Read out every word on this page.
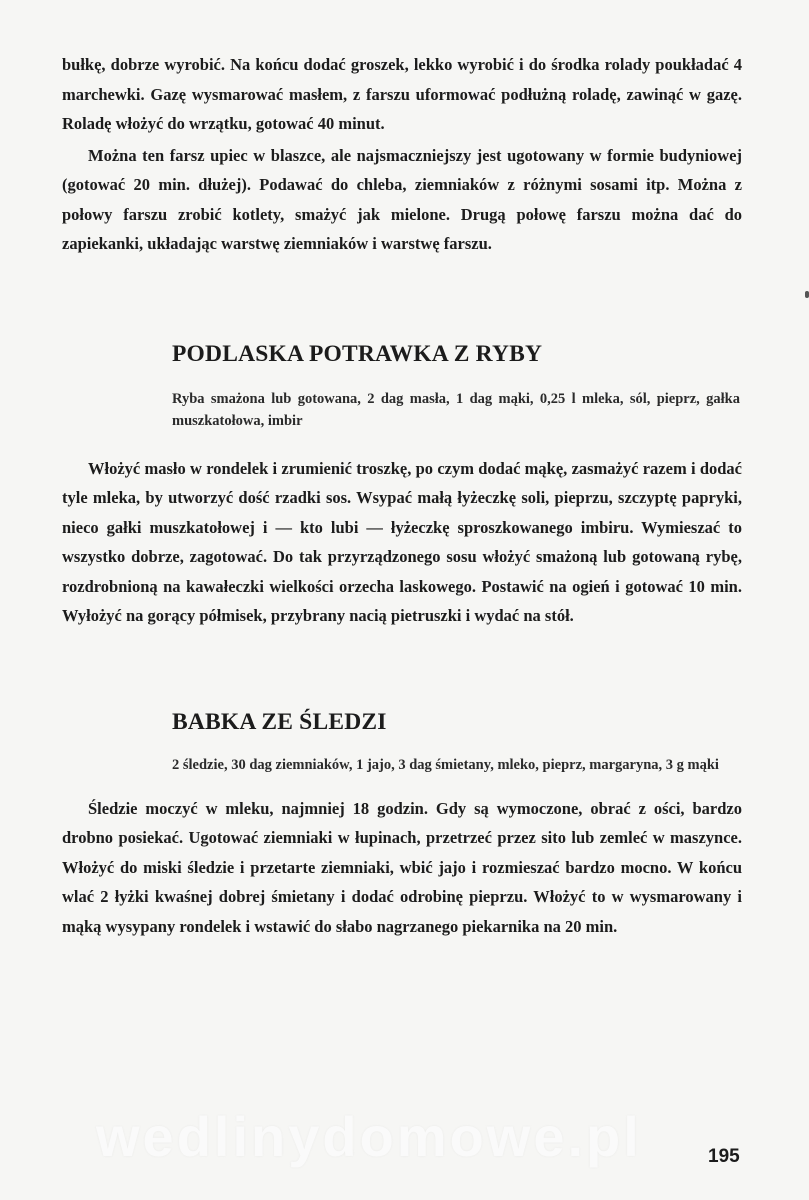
bułkę, dobrze wyrobić. Na końcu dodać groszek, lekko wyrobić i do środka rolady poukładać 4 marchewki. Gazę wysmarować masłem, z farszu uformować podłużną roladę, zawinąć w gazę. Roladę włożyć do wrzątku, gotować 40 minut.

Można ten farsz upiec w blaszce, ale najsmaczniejszy jest ugotowany w formie budyniowej (gotować 20 min. dłużej). Podawać do chleba, ziemniaków z różnymi sosami itp. Można z połowy farszu zrobić kotlety, smażyć jak mielone. Drugą połowę farszu można dać do zapiekanki, układając warstwę ziemniaków i warstwę farszu.

PODLASKA POTRAWKA Z RYBY

Ryba smażona lub gotowana, 2 dag masła, 1 dag mąki, 0,25 l mleka, sól, pieprz, gałka muszkatołowa, imbir

Włożyć masło w rondelek i zrumienić troszkę, po czym dodać mąkę, zasmażyć razem i dodać tyle mleka, by utworzyć dość rzadki sos. Wsypać małą łyżeczkę soli, pieprzu, szczyptę papryki, nieco gałki muszkatołowej i — kto lubi — łyżeczkę sproszkowanego imbiru. Wymieszać to wszystko dobrze, zagotować. Do tak przyrządzonego sosu włożyć smażoną lub gotowaną rybę, rozdrobnioną na kawałeczki wielkości orzecha laskowego. Postawić na ogień i gotować 10 min. Wyłożyć na gorący półmisek, przybrany nacią pietruszki i wydać na stół.

BABKA ZE ŚLEDZI

2 śledzie, 30 dag ziemniaków, 1 jajo, 3 dag śmietany, mleko, pieprz, margaryna, 3 g mąki

Śledzie moczyć w mleku, najmniej 18 godzin. Gdy są wymoczone, obrać z ości, bardzo drobno posiekać. Ugotować ziemniaki w łupinach, przetrzeć przez sito lub zemleć w maszynce. Włożyć do miski śledzie i przetarte ziemniaki, wbić jajo i rozmieszać bardzo mocno. W końcu wlać 2 łyżki kwaśnej dobrej śmietany i dodać odrobinę pieprzu. Włożyć to w wysmarowany i mąką wysypany rondelek i wstawić do słabo nagrzanego piekarnika na 20 min.

wedlinydomowe.pl	195
